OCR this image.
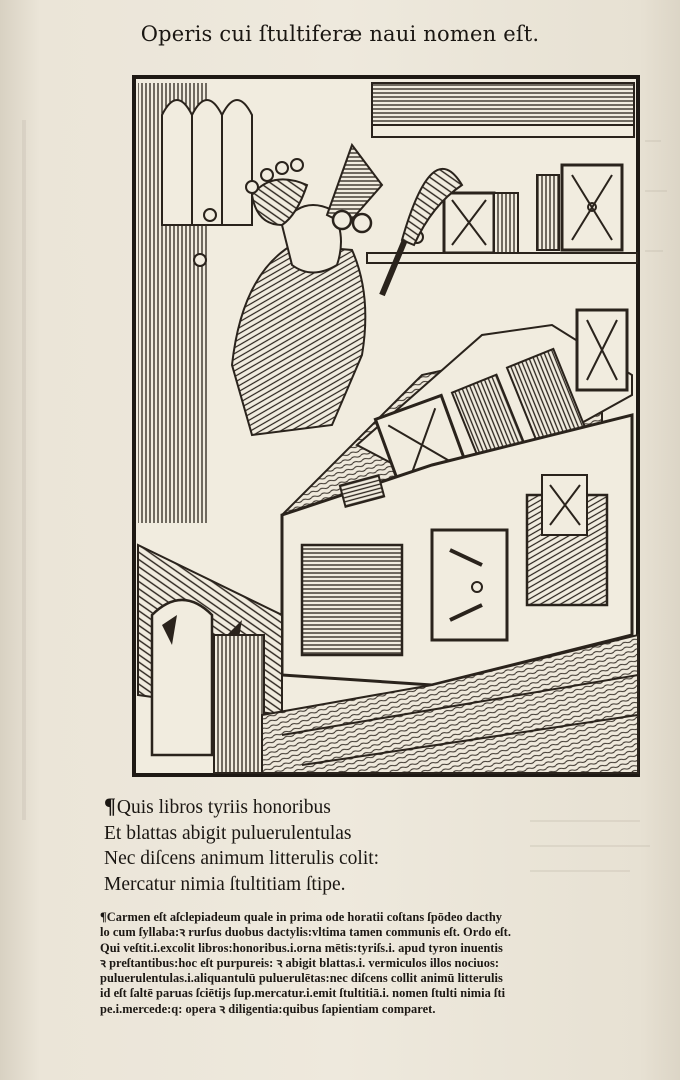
Operis cui ſtultiferæ naui nomen eſt.
¶Quis libros tyriis honoribus
Et blattas abigit puluerulentulas
Nec diſcens animum litterulis colit:
Mercatur nimia ſtultitiam ſtipe.
¶Carmen eſt aſclepiadeum quale in prima ode horatii coſtans ſpōdeo dacthy
lo cum ſyllaba:ꝛ rurſus duobus dactylis:vltima tamen communis eſt. Ordo eſt.
Qui veſtit.i.excolit libros:honoribus.i.orna mētis:tyriſs.i. apud tyron inuentis
ꝛ preſtantibus:hoc eſt purpureis: ꝛ abigit blattas.i. vermiculos illos nociuos:
puluerulentulas.i.aliquantulū puluerulētas:nec diſcens collit animū litterulis
id eſt ſaltē paruas ſciētijs ſup.mercatur.i.emit ſtultitiā.i. nomen ſtulti nimia ſti
pe.i.mercede:q: opera ꝛ diligentia:quibus ſapientiam comparet.
